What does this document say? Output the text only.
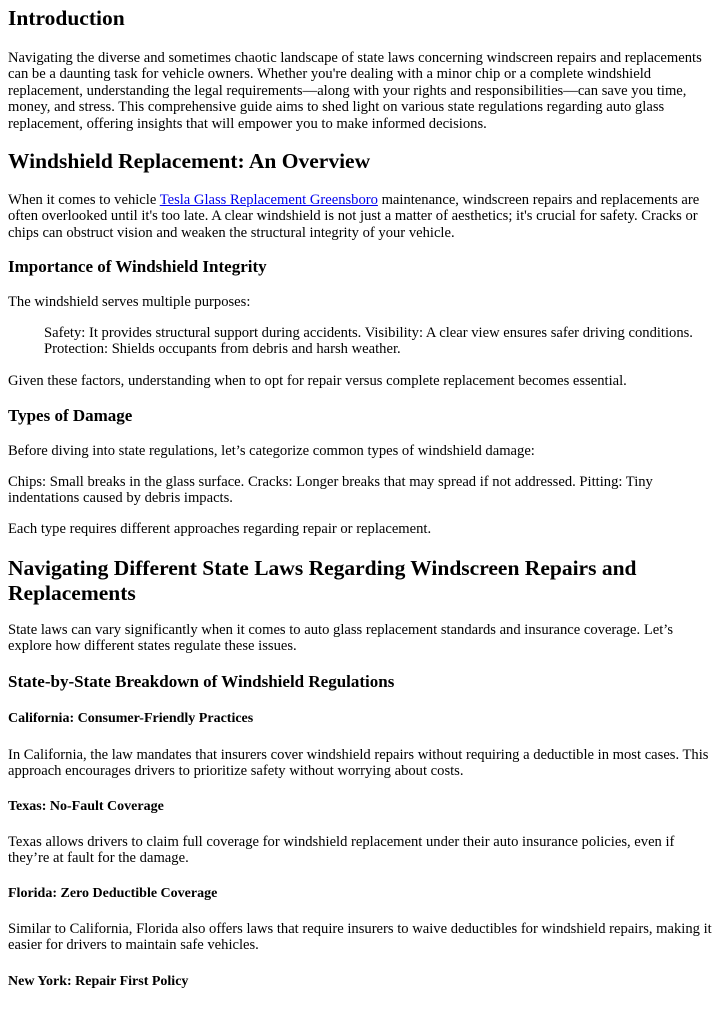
Introduction

Navigating the diverse and sometimes chaotic landscape of state laws concerning windscreen repairs and replacements can be a daunting task for vehicle owners. Whether you're dealing with a minor chip or a complete windshield replacement, understanding the legal requirements—along with your rights and responsibilities—can save you time, money, and stress. This comprehensive guide aims to shed light on various state regulations regarding auto glass replacement, offering insights that will empower you to make informed decisions.

Windshield Replacement: An Overview

When it comes to vehicle Tesla Glass Replacement Greensboro maintenance, windscreen repairs and replacements are often overlooked until it's too late. A clear windshield is not just a matter of aesthetics; it's crucial for safety. Cracks or chips can obstruct vision and weaken the structural integrity of your vehicle.

Importance of Windshield Integrity

The windshield serves multiple purposes:

Safety: It provides structural support during accidents. Visibility: A clear view ensures safer driving conditions. Protection: Shields occupants from debris and harsh weather.

Given these factors, understanding when to opt for repair versus complete replacement becomes essential.

Types of Damage

Before diving into state regulations, let’s categorize common types of windshield damage:

Chips: Small breaks in the glass surface. Cracks: Longer breaks that may spread if not addressed. Pitting: Tiny indentations caused by debris impacts.

Each type requires different approaches regarding repair or replacement.

Navigating Different State Laws Regarding Windscreen Repairs and Replacements

State laws can vary significantly when it comes to auto glass replacement standards and insurance coverage. Let’s explore how different states regulate these issues.

State-by-State Breakdown of Windshield Regulations
California: Consumer-Friendly Practices

In California, the law mandates that insurers cover windshield repairs without requiring a deductible in most cases. This approach encourages drivers to prioritize safety without worrying about costs.

Texas: No-Fault Coverage

Texas allows drivers to claim full coverage for windshield replacement under their auto insurance policies, even if they’re at fault for the damage.

Florida: Zero Deductible Coverage

Similar to California, Florida also offers laws that require insurers to waive deductibles for windshield repairs, making it easier for drivers to maintain safe vehicles.

New York: Repair First Policy
